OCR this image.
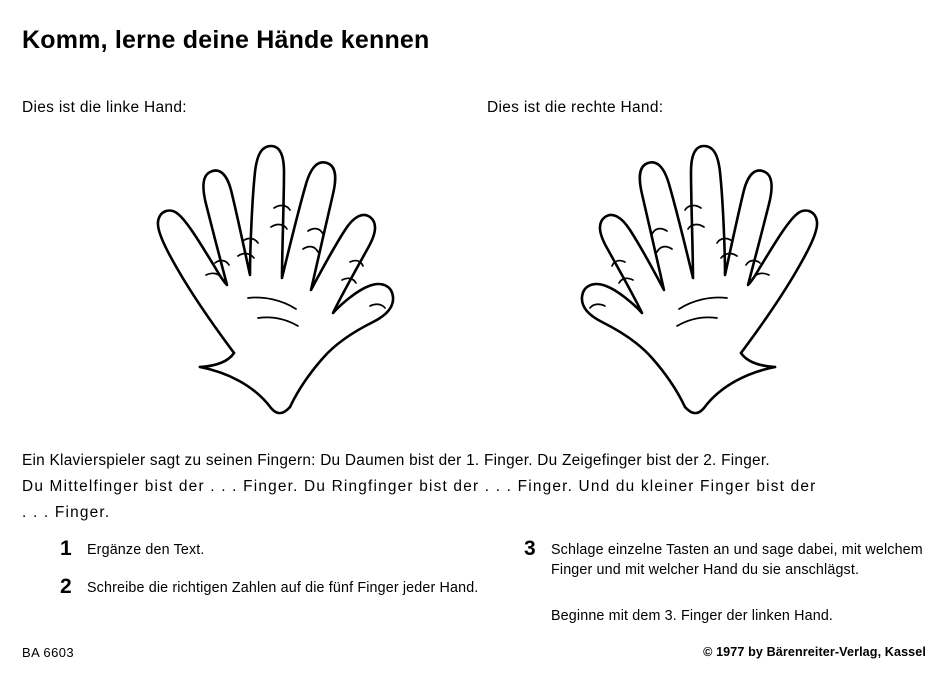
Komm, lerne deine Hände kennen
Dies ist die linke Hand:	Dies ist die rechte Hand:
Ein Klavierspieler sagt zu seinen Fingern: Du Daumen bist der 1. Finger. Du Zeigefinger bist der 2. Finger.
Du Mittelfinger bist der . . . Finger. Du Ringfinger bist der . . . Finger. Und du kleiner Finger bist der
. . . Finger.
1	Ergänze den Text.
2	Schreibe die richtigen Zahlen auf die fünf Finger jeder Hand.
3	Schlage einzelne Tasten an und sage dabei, mit welchem Finger und mit welcher Hand du sie anschlägst.
Beginne mit dem 3. Finger der linken Hand.
BA 6603	© 1977 by Bärenreiter-Verlag, Kassel
